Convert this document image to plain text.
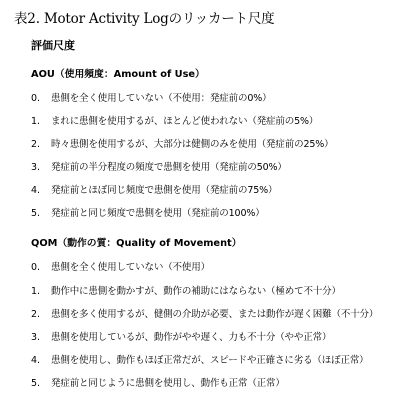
表2. Motor Activity Logのリッカート尺度
評価尺度
AOU（使用頻度：Amount of Use）
0. 患側を全く使用していない（不使用：発症前の0%）
1. まれに患側を使用するが、ほとんど使われない（発症前の5%）
2. 時々患側を使用するが、大部分は健側のみを使用（発症前の25%）
3. 発症前の半分程度の頻度で患側を使用（発症前の50%）
4. 発症前とほぼ同じ頻度で患側を使用（発症前の75%）
5. 発症前と同じ頻度で患側を使用（発症前の100%）
QOM（動作の質：Quality of Movement）
0. 患側を全く使用していない（不使用）
1. 動作中に患側を動かすが、動作の補助にはならない（極めて不十分）
2. 患側を多く使用するが、健側の介助が必要、または動作が遅く困難（不十分）
3. 患側を使用しているが、動作がやや遅く、力も不十分（やや正常）
4. 患側を使用し、動作もほぼ正常だが、スピードや正確さに劣る（ほぼ正常）
5. 発症前と同じように患側を使用し、動作も正常（正常）
